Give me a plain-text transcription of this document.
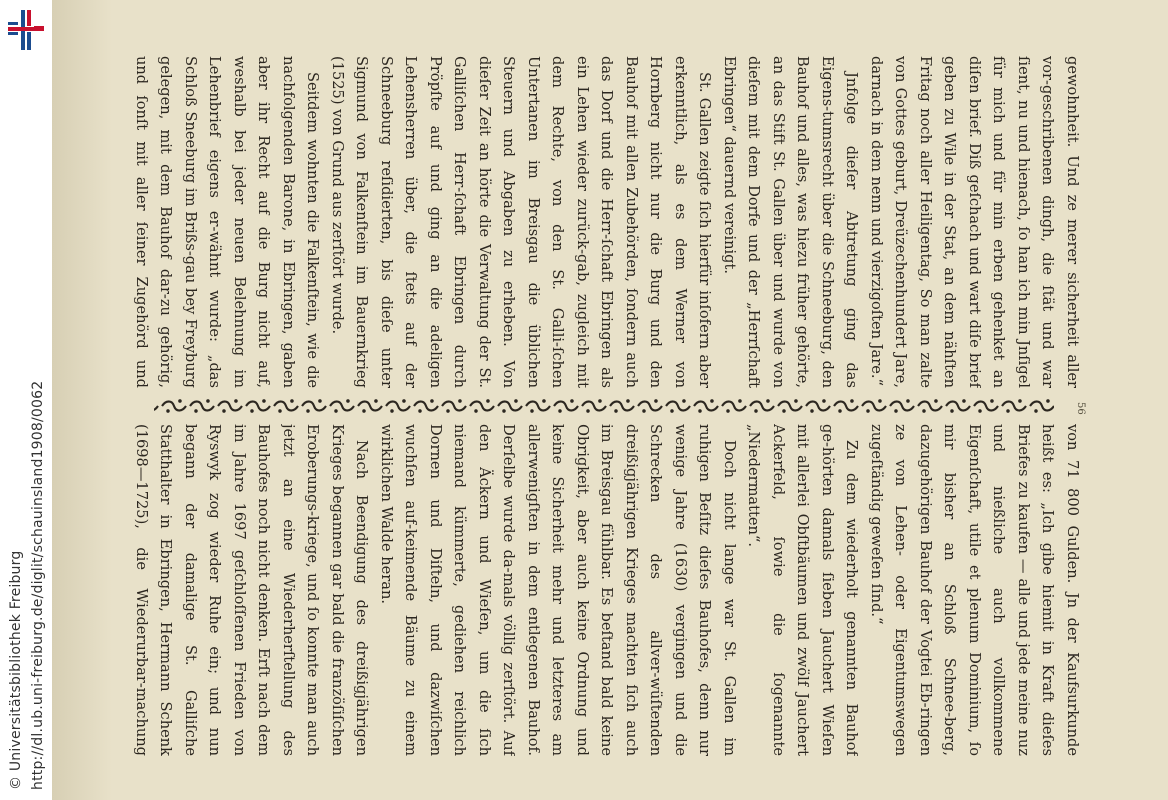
http://dl.ub.uni-freiburg.de/diglit/schauinsland1908/0062
© Universitätsbibliothek Freiburg

gewohnheit. Und ze merer sicherheit aller vor‑geschribenen dingh, die ſtät und war ſient, nu und hienach, ſo han ich min Jnſigel für mich und für min erben gehenket an diſen brief. Diß geſchach und wart diſe brief geben zu Wile in der Stat, an dem nähſten Fritag noch aller Heiligentag, So man zalte von Gottes geburt, Dreüzechenhundert Jare, darnach in dem nenn und vierzigoſten Jare.“

Jnfolge dieſer Abtretung ging das Eigens‑tumsrecht über die Schneeburg, den Bauhof und alles, was hiezu früher gehörte, an das Stift St. Gallen über und wurde von dieſem mit dem Dorfe und der „Herrſchaft Ebringen“ dauernd vereinigt.

St. Gallen zeigte ſich hierfür inſofern aber erkenntlich, als es dem Werner von Hornberg nicht nur die Burg und den Bauhof mit allen Zubehörden, ſondern auch das Dorf und die Herr‑ſchaft Ebringen als ein Lehen wieder zurück‑gab, zugleich mit dem Rechte, von den St. Galli‑ſchen Untertanen im Breisgau die üblichen Steuern und Abgaben zu erheben. Von dieſer Zeit an hörte die Verwaltung der St. Galliſchen Herr‑ſchaft Ebringen durch Pröpſte auf und ging an die adeligen Lehensherren über, die ſtets auf der Schneeburg reſidierten, bis dieſe unter Sigmund von Falkenſtein im Bauernkrieg (1525) von Grund aus zerſtört wurde.

Seitdem wohnten die Falkenſtein, wie die nachfolgenden Barone, in Ebringen, gaben aber ihr Recht auf die Burg nicht auf, weshalb bei jeder neuen Belehnung im Lehenbrief eigens er‑wähnt wurde: „das Schloß Sneeburg im Brißs‑gau bey Freyburg gelegen, mit dem Bauhof dar‑zu gehörig, und ſonſt mit aller ſeiner Zugehörd und

56

von 71 800 Gulden. Jn der Kaufsurkunde heißt es: „Ich gibe hiemit in Kraft dieſes Briefes zu kaufen — alle und jede meine nuz und nießliche auch vollkommene Eigenſchaft, utile et plenum Dominium, ſo mir bisher an Schloß Schnee‑berg, dazugehörigen Bauhof der Vogtei Eb‑ringen ze von Lehen‑ oder Eigentumswegen zugeſtändig geweſen ſind.“

Zu dem wiederholt genannten Bauhof ge‑hörten damals ſieben Jauchert Wieſen mit allerlei Obſtbäumen und zwölf Jauchert Ackerfeld, ſowie die ſogenannte „Niedermatten“.

Doch nicht lange war St. Gallen im ruhigen Beſitz dieſes Bauhofes, denn nur wenige Jahre (1630) vergingen und die Schrecken des allver‑wüſtenden dreißigjährigen Krieges machten ſich auch im Breisgau fühlbar. Es beſtand bald keine Obrigkeit, aber auch keine Ordnung und keine Sicherheit mehr und letzteres am allerwenigſten in dem entlegenen Bauhof. Derſelbe wurde da‑mals völlig zerſtört. Auf den Äckern und Wieſen, um die ſich niemand kümmerte, gediehen reichlich Dornen und Diſteln, und dazwiſchen wuchſen auf‑keimende Bäume zu einem wirklichen Walde heran.

Nach Beendigung des dreißigjährigen Krieges begannen gar bald die franzöſiſchen Eroberungs‑kriege, und ſo konnte man auch jetzt an eine Wiederherſtellung des Bauhofes noch nicht denken. Erſt nach dem im Jahre 1697 geſchloſſenen Frieden von Ryswyk zog wieder Ruhe ein; und nun begann der damalige St. Galliſche Statthalter in Ebringen, Hermann Schenk (1698—1725), die Wiederurbar‑machung
